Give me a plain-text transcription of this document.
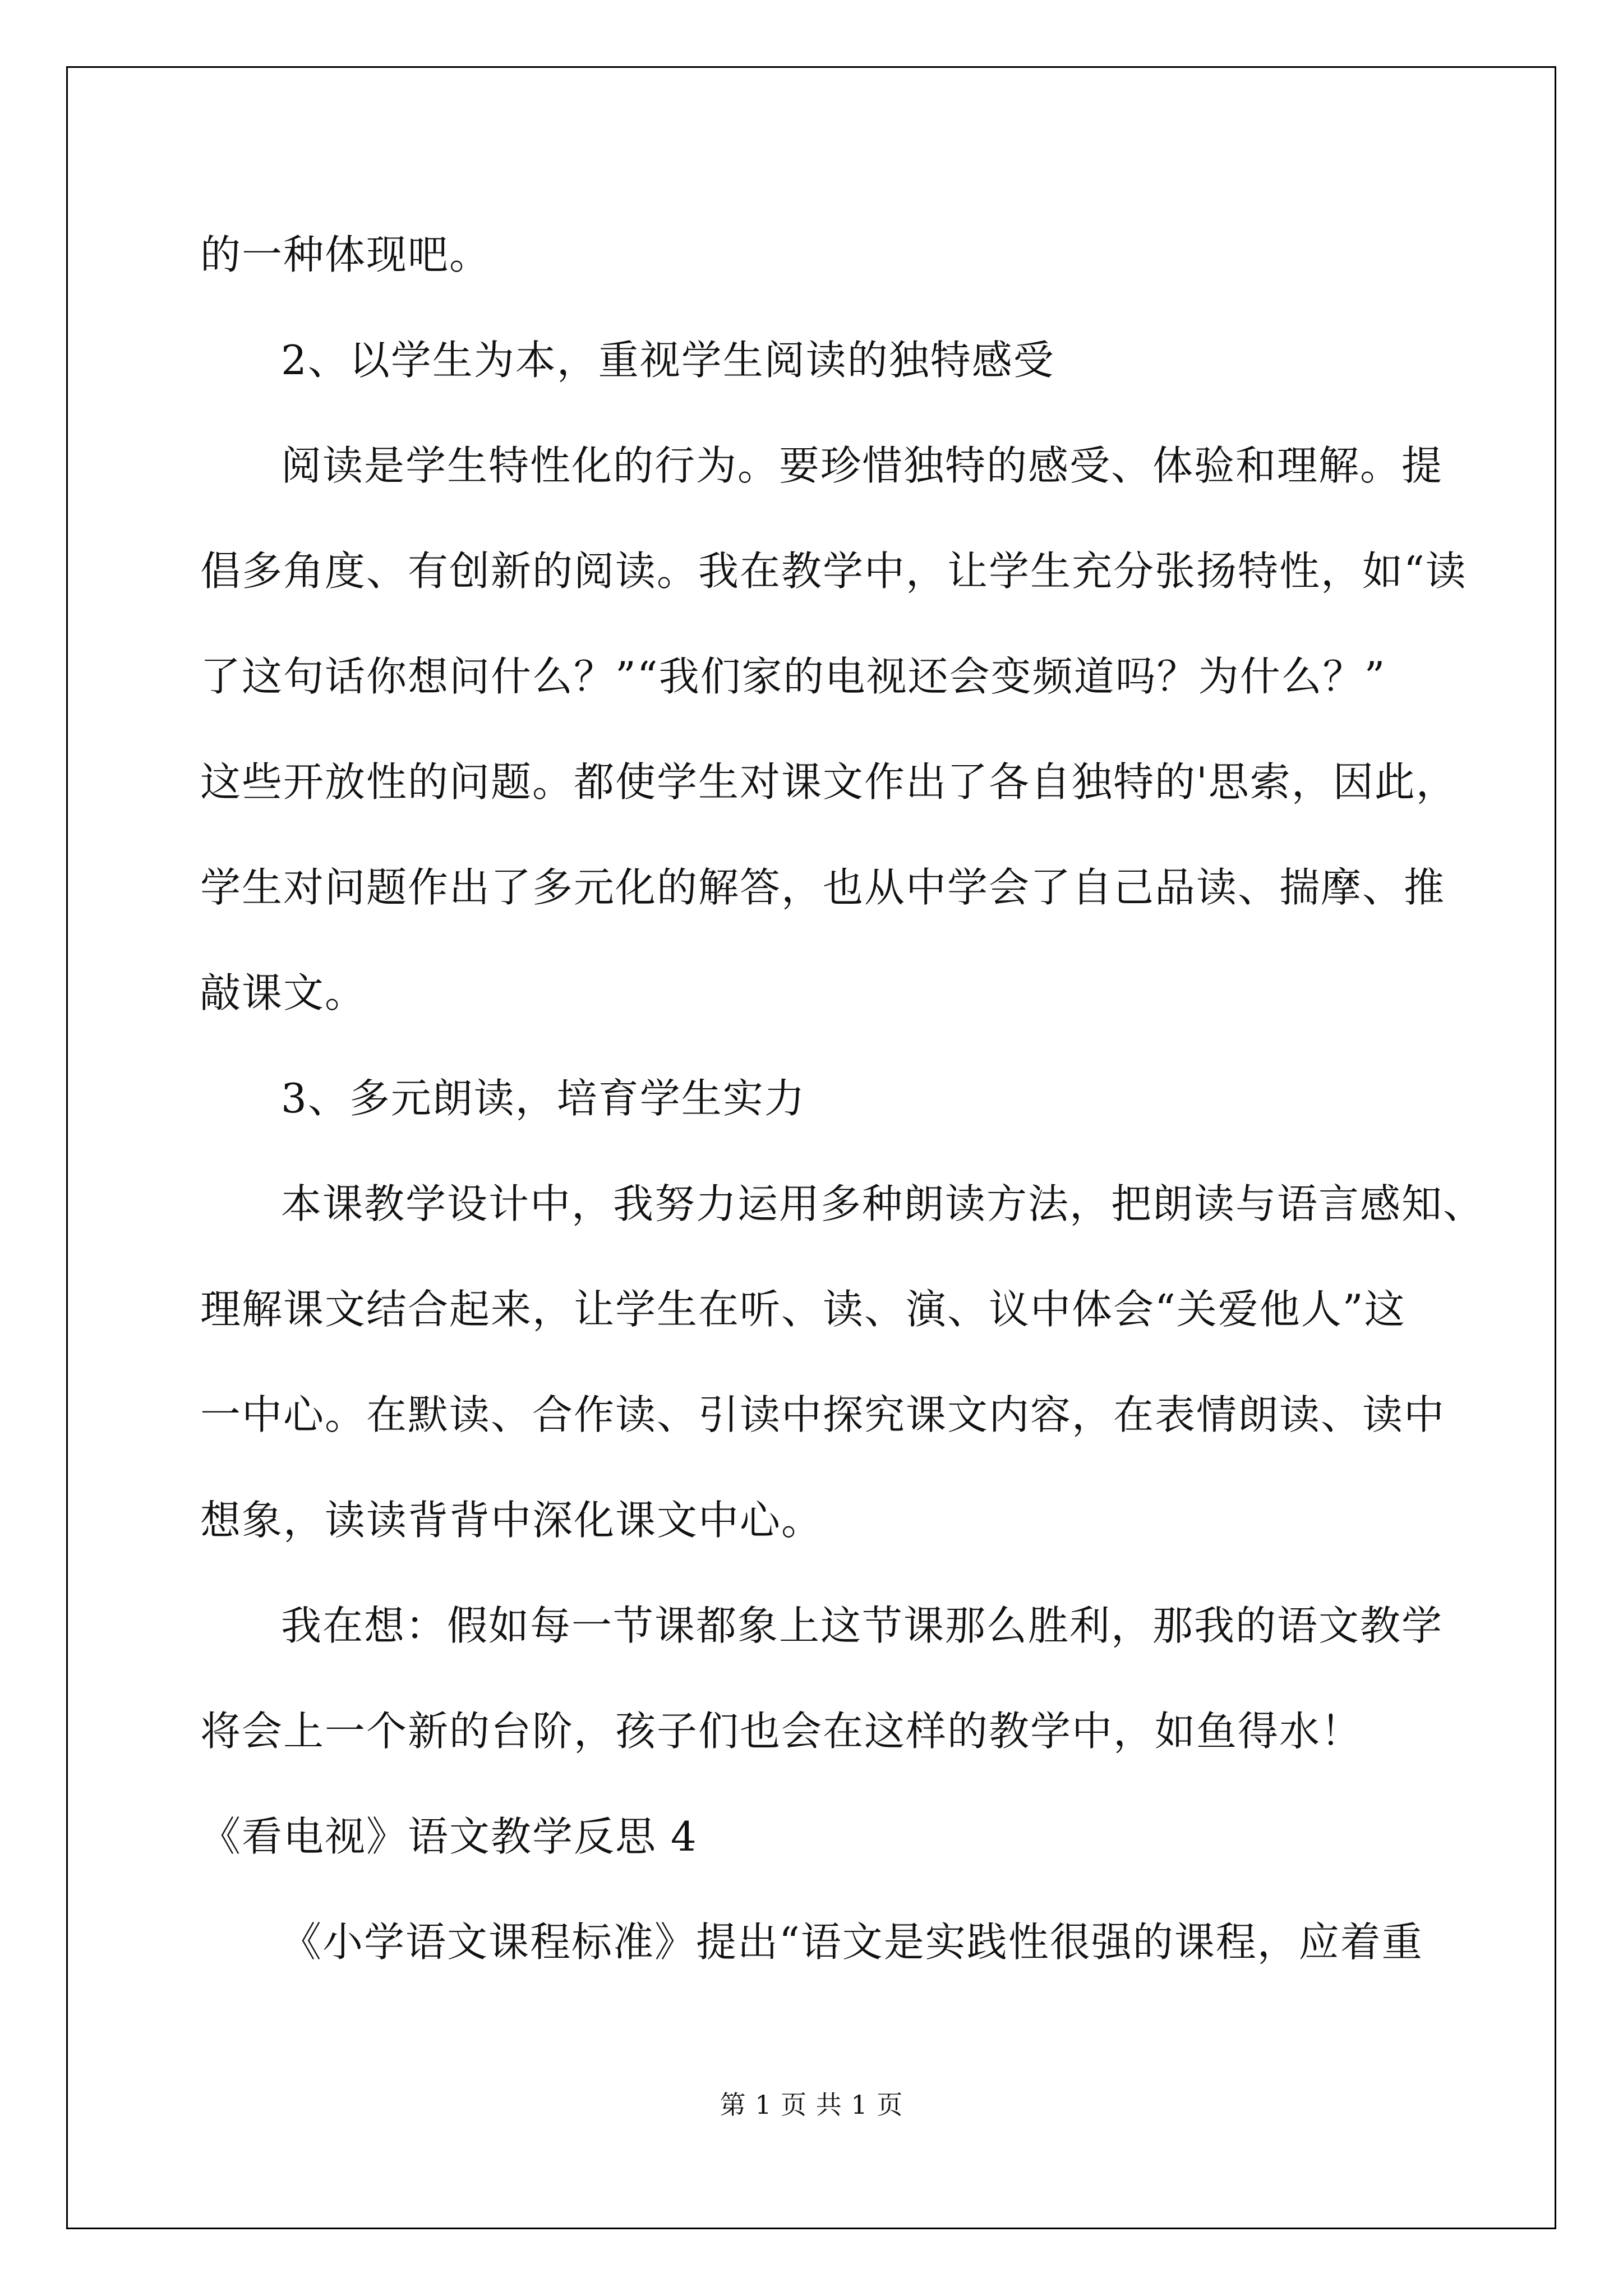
的一种体现吧。
2、以学生为本，重视学生阅读的独特感受
阅读是学生特性化的行为。要珍惜独特的感受、体验和理解。提
倡多角度、有创新的阅读。我在教学中，让学生充分张扬特性，如“读
了这句话你想问什么？”“我们家的电视还会变频道吗？为什么？”
这些开放性的问题。都使学生对课文作出了各自独特的'思索，因此，
学生对问题作出了多元化的解答，也从中学会了自己品读、揣摩、推
敲课文。
3、多元朗读，培育学生实力
本课教学设计中，我努力运用多种朗读方法，把朗读与语言感知、
理解课文结合起来，让学生在听、读、演、议中体会“关爱他人”这
一中心。在默读、合作读、引读中探究课文内容，在表情朗读、读中
想象，读读背背中深化课文中心。
我在想：假如每一节课都象上这节课那么胜利，那我的语文教学
将会上一个新的台阶，孩子们也会在这样的教学中，如鱼得水！
《看电视》语文教学反思 4
《小学语文课程标准》提出“语文是实践性很强的课程，应着重
第 1 页 共 1 页
